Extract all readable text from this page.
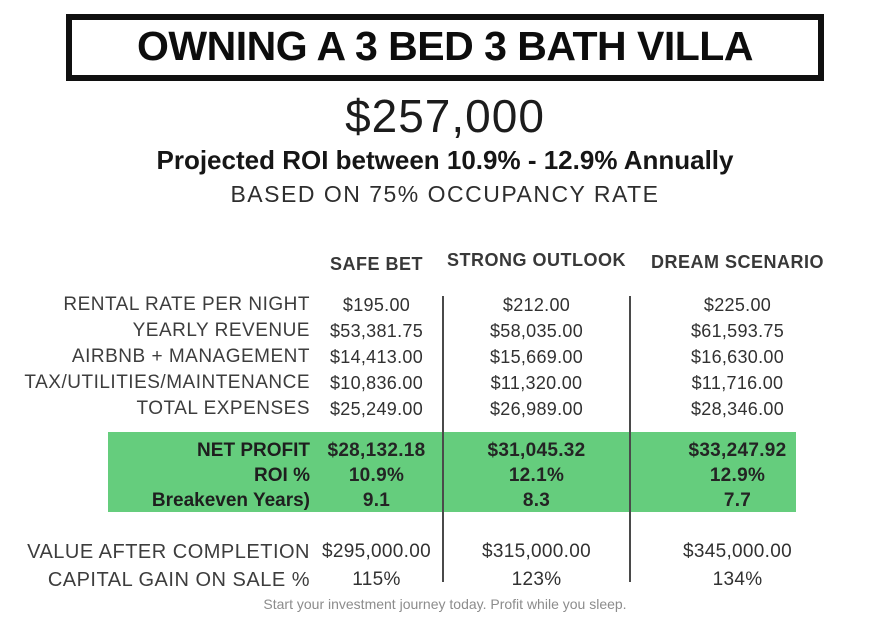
OWNING A 3 BED 3 BATH VILLA
$257,000
Projected ROI between 10.9% - 12.9% Annually
BASED ON 75% OCCUPANCY RATE
SAFE BET	STRONG OUTLOOK	DREAM SCENARIO
RENTAL RATE PER NIGHT	$195.00	$212.00	$225.00
YEARLY REVENUE	$53,381.75	$58,035.00	$61,593.75
AIRBNB + MANAGEMENT	$14,413.00	$15,669.00	$16,630.00
TAX/UTILITIES/MAINTENANCE	$10,836.00	$11,320.00	$11,716.00
TOTAL EXPENSES	$25,249.00	$26,989.00	$28,346.00
NET PROFIT $28,132.18	$31,045.32	$33,247.92
ROI %	10.9%	12.1%	12.9%
Breakeven Years)	9.1	8.3	7.7
VALUE AFTER COMPLETION $295,000.00	$315,000.00	$345,000.00
CAPITAL GAIN ON SALE %	115%	123%	134%
Start your investment journey today. Profit while you sleep.
